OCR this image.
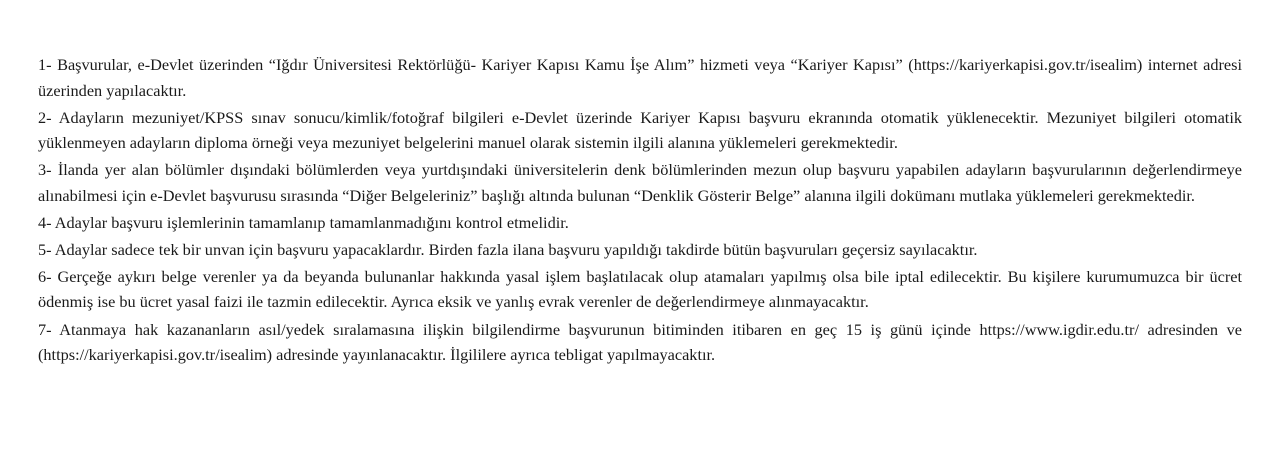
1- Başvurular, e-Devlet üzerinden “Iğdır Üniversitesi Rektörlüğü- Kariyer Kapısı Kamu İşe Alım” hizmeti veya “Kariyer Kapısı” (https://kariyerkapisi.gov.tr/isealim) internet adresi üzerinden yapılacaktır.

2- Adayların mezuniyet/KPSS sınav sonucu/kimlik/fotoğraf bilgileri e-Devlet üzerinde Kariyer Kapısı başvuru ekranında otomatik yüklenecektir. Mezuniyet bilgileri otomatik yüklenmeyen adayların diploma örneği veya mezuniyet belgelerini manuel olarak sistemin ilgili alanına yüklemeleri gerekmektedir.

3- İlanda yer alan bölümler dışındaki bölümlerden veya yurtdışındaki üniversitelerin denk bölümlerinden mezun olup başvuru yapabilen adayların başvurularının değerlendirmeye alınabilmesi için e-Devlet başvurusu sırasında “Diğer Belgeleriniz” başlığı altında bulunan “Denklik Gösterir Belge” alanına ilgili dokümanı mutlaka yüklemeleri gerekmektedir.

4- Adaylar başvuru işlemlerinin tamamlanıp tamamlanmadığını kontrol etmelidir.

5- Adaylar sadece tek bir unvan için başvuru yapacaklardır. Birden fazla ilana başvuru yapıldığı takdirde bütün başvuruları geçersiz sayılacaktır.

6- Gerçeğe aykırı belge verenler ya da beyanda bulunanlar hakkında yasal işlem başlatılacak olup atamaları yapılmış olsa bile iptal edilecektir. Bu kişilere kurumumuzca bir ücret ödenmiş ise bu ücret yasal faizi ile tazmin edilecektir. Ayrıca eksik ve yanlış evrak verenler de değerlendirmeye alınmayacaktır.

7- Atanmaya hak kazananların asıl/yedek sıralamasına ilişkin bilgilendirme başvurunun bitiminden itibaren en geç 15 iş günü içinde https://www.igdir.edu.tr/ adresinden ve (https://kariyerkapisi.gov.tr/isealim) adresinde yayınlanacaktır. İlgililere ayrıca tebligat yapılmayacaktır.
